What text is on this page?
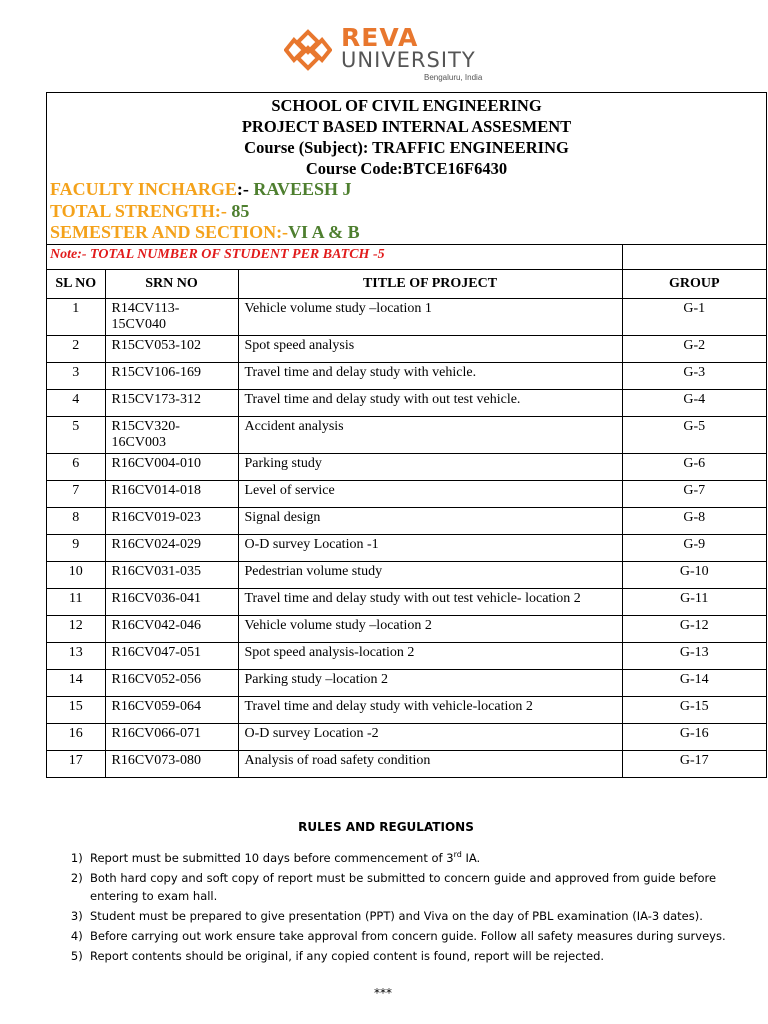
REVA
UNIVERSITY
Bengaluru, India
SCHOOL OF CIVIL ENGINEERING
PROJECT BASED INTERNAL ASSESMENT
Course (Subject): TRAFFIC ENGINEERING
Course Code:BTCE16F6430
FACULTY INCHARGE:- RAVEESH J
TOTAL STRENGTH:- 85
SEMESTER AND SECTION:-VI A & B
Note:- TOTAL NUMBER OF STUDENT PER BATCH -5			
SL NO	SRN NO	TITLE OF PROJECT	GROUP
1	R14CV113-15CV040	Vehicle volume study –location 1	G-1
2	R15CV053-102	Spot speed analysis	G-2
3	R15CV106-169	Travel time and delay study with vehicle.	G-3
4	R15CV173-312	Travel time and delay study with out test vehicle.	G-4
5	R15CV320-16CV003	Accident analysis	G-5
6	R16CV004-010	Parking study	G-6
7	R16CV014-018	Level of service	G-7
8	R16CV019-023	Signal design	G-8
9	R16CV024-029	O-D survey Location -1	G-9
10	R16CV031-035	Pedestrian volume study	G-10
11	R16CV036-041	Travel time and delay study with out test vehicle- location 2	G-11
12	R16CV042-046	Vehicle volume study –location 2	G-12
13	R16CV047-051	Spot speed analysis-location 2	G-13
14	R16CV052-056	Parking study –location 2	G-14
15	R16CV059-064	Travel time and delay study with vehicle-location 2	G-15
16	R16CV066-071	O-D survey Location -2	G-16
17	R16CV073-080	Analysis of road safety condition	G-17
RULES AND REGULATIONS
1. Report must be submitted 10 days before commencement of 3rd IA.
2. Both hard copy and soft copy of report must be submitted to concern guide and approved from guide before entering to exam hall.
3. Student must be prepared to give presentation (PPT) and Viva on the day of PBL examination (IA-3 dates).
4. Before carrying out work ensure take approval from concern guide. Follow all safety measures during surveys.
5. Report contents should be original, if any copied content is found, report will be rejected.
***
